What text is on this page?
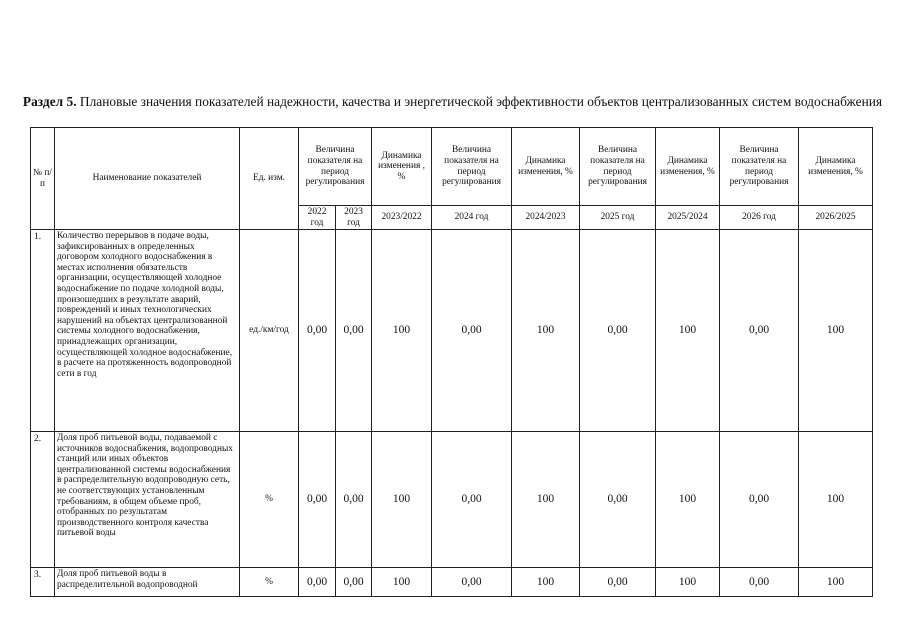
Раздел 5. Плановые значения показателей надежности, качества и энергетической эффективности объектов централизованных систем водоснабжения
№ п/п	Наименование показателей	Ед. изм.	Величина показателя на период регулирования		Динамика изменения , %	Величина показателя на период регулирования	Динамика изменения, %	Величина показателя на период регулирования	Динамика изменения, %	Величина показателя на период регулирования	Динамика изменения, %
			2022 год	2023 год	2023/2022	2024 год	2024/2023	2025 год	2025/2024	2026 год	2026/2025
1.	Количество перерывов в подаче воды, зафиксированных в определенных договором холодного водоснабжения в местах исполнения обязательств организации, осуществляющей холодное водоснабжение по подаче холодной воды, произошедших в результате аварий, повреждений и иных технологических нарушений на объектах централизованной системы холодного водоснабжения, принадлежащих организации, осуществляющей холодное водоснабжение, в расчете на протяженность водопроводной сети в год	ед./км/год	0,00	0,00	100	0,00	100	0,00	100	0,00	100
2.	Доля проб питьевой воды, подаваемой с источников водоснабжения, водопроводных станций или иных объектов централизованной системы водоснабжения в распределительную водопроводную сеть, не соответствующих установленным требованиям, в общем объеме проб, отобранных по результатам производственного контроля качества питьевой воды	%	0,00	0,00	100	0,00	100	0,00	100	0,00	100
3.	Доля проб питьевой воды в распределительной водопроводной	%	0,00	0,00	100	0,00	100	0,00	100	0,00	100
